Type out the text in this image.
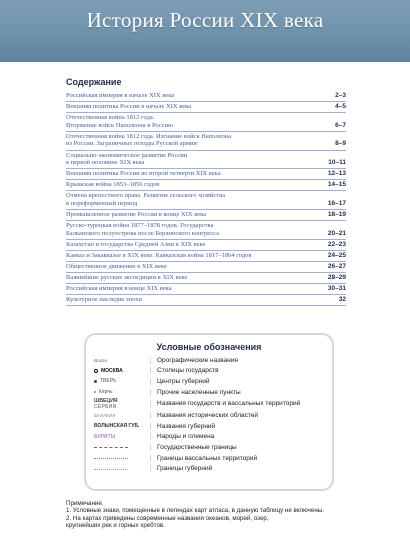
История России XIX века
Содержание
Российская империя в начале XIX века	2–3
Внешняя политика России в начале XIX века	4–5
Отечественная война 1812 года.
Вторжение войск Наполеона в Россию	6–7
Отечественная война 1812 года. Изгнание войск Наполеона
из России. Заграничные походы Русской армии	8–9
Социально-экономическое развитие России
в первой половине XIX века	10–11
Внешняя политика России во второй четверти XIX века	12–13
Крымская война 1853–1856 годов	14–15
Отмена крепостного права. Развитие сельского хозяйства
в пореформенный период	16–17
Промышленное развитие России в конце XIX века	18–19
Русско-турецкая война 1877–1878 годов. Государства
Балканского полуострова после Берлинского конгресса	20–21
Казахстан и государства Средней Азии в XIX веке	22–23
Кавказ и Закавказье в XIX веке. Кавказская война 1817–1864 годов	24–25
Общественное движение в XIX веке	26–27
Важнейшие русские экспедиции в XIX веке	28–29
Российская империя в конце XIX века	30–31
Культурное наследие эпохи	32
Условные обозначения
Волга	Орографические названия
МОСКВА	Столицы государств
ТВЕРЬ	Центры губерний
Керчь	Прочие населенные пункты
ШВЕЦИЯ
СЕРБИЯ	Названия государств и вассальных территорий
БАЛАКИЯ	Названия исторических областей
ВОЛЫНСКАЯ ГУБ.	Названия губерний
БУРЯТЫ	Народы и племена
Государственные границы
Границы вассальных территорий
Границы губерний
Примечание.
1. Условные знаки, помещенные в легендах карт атласа, в данную таблицу не включены.
2. На картах приведены современные названия океанов, морей, озер,
крупнейших рек и горных хребтов.
